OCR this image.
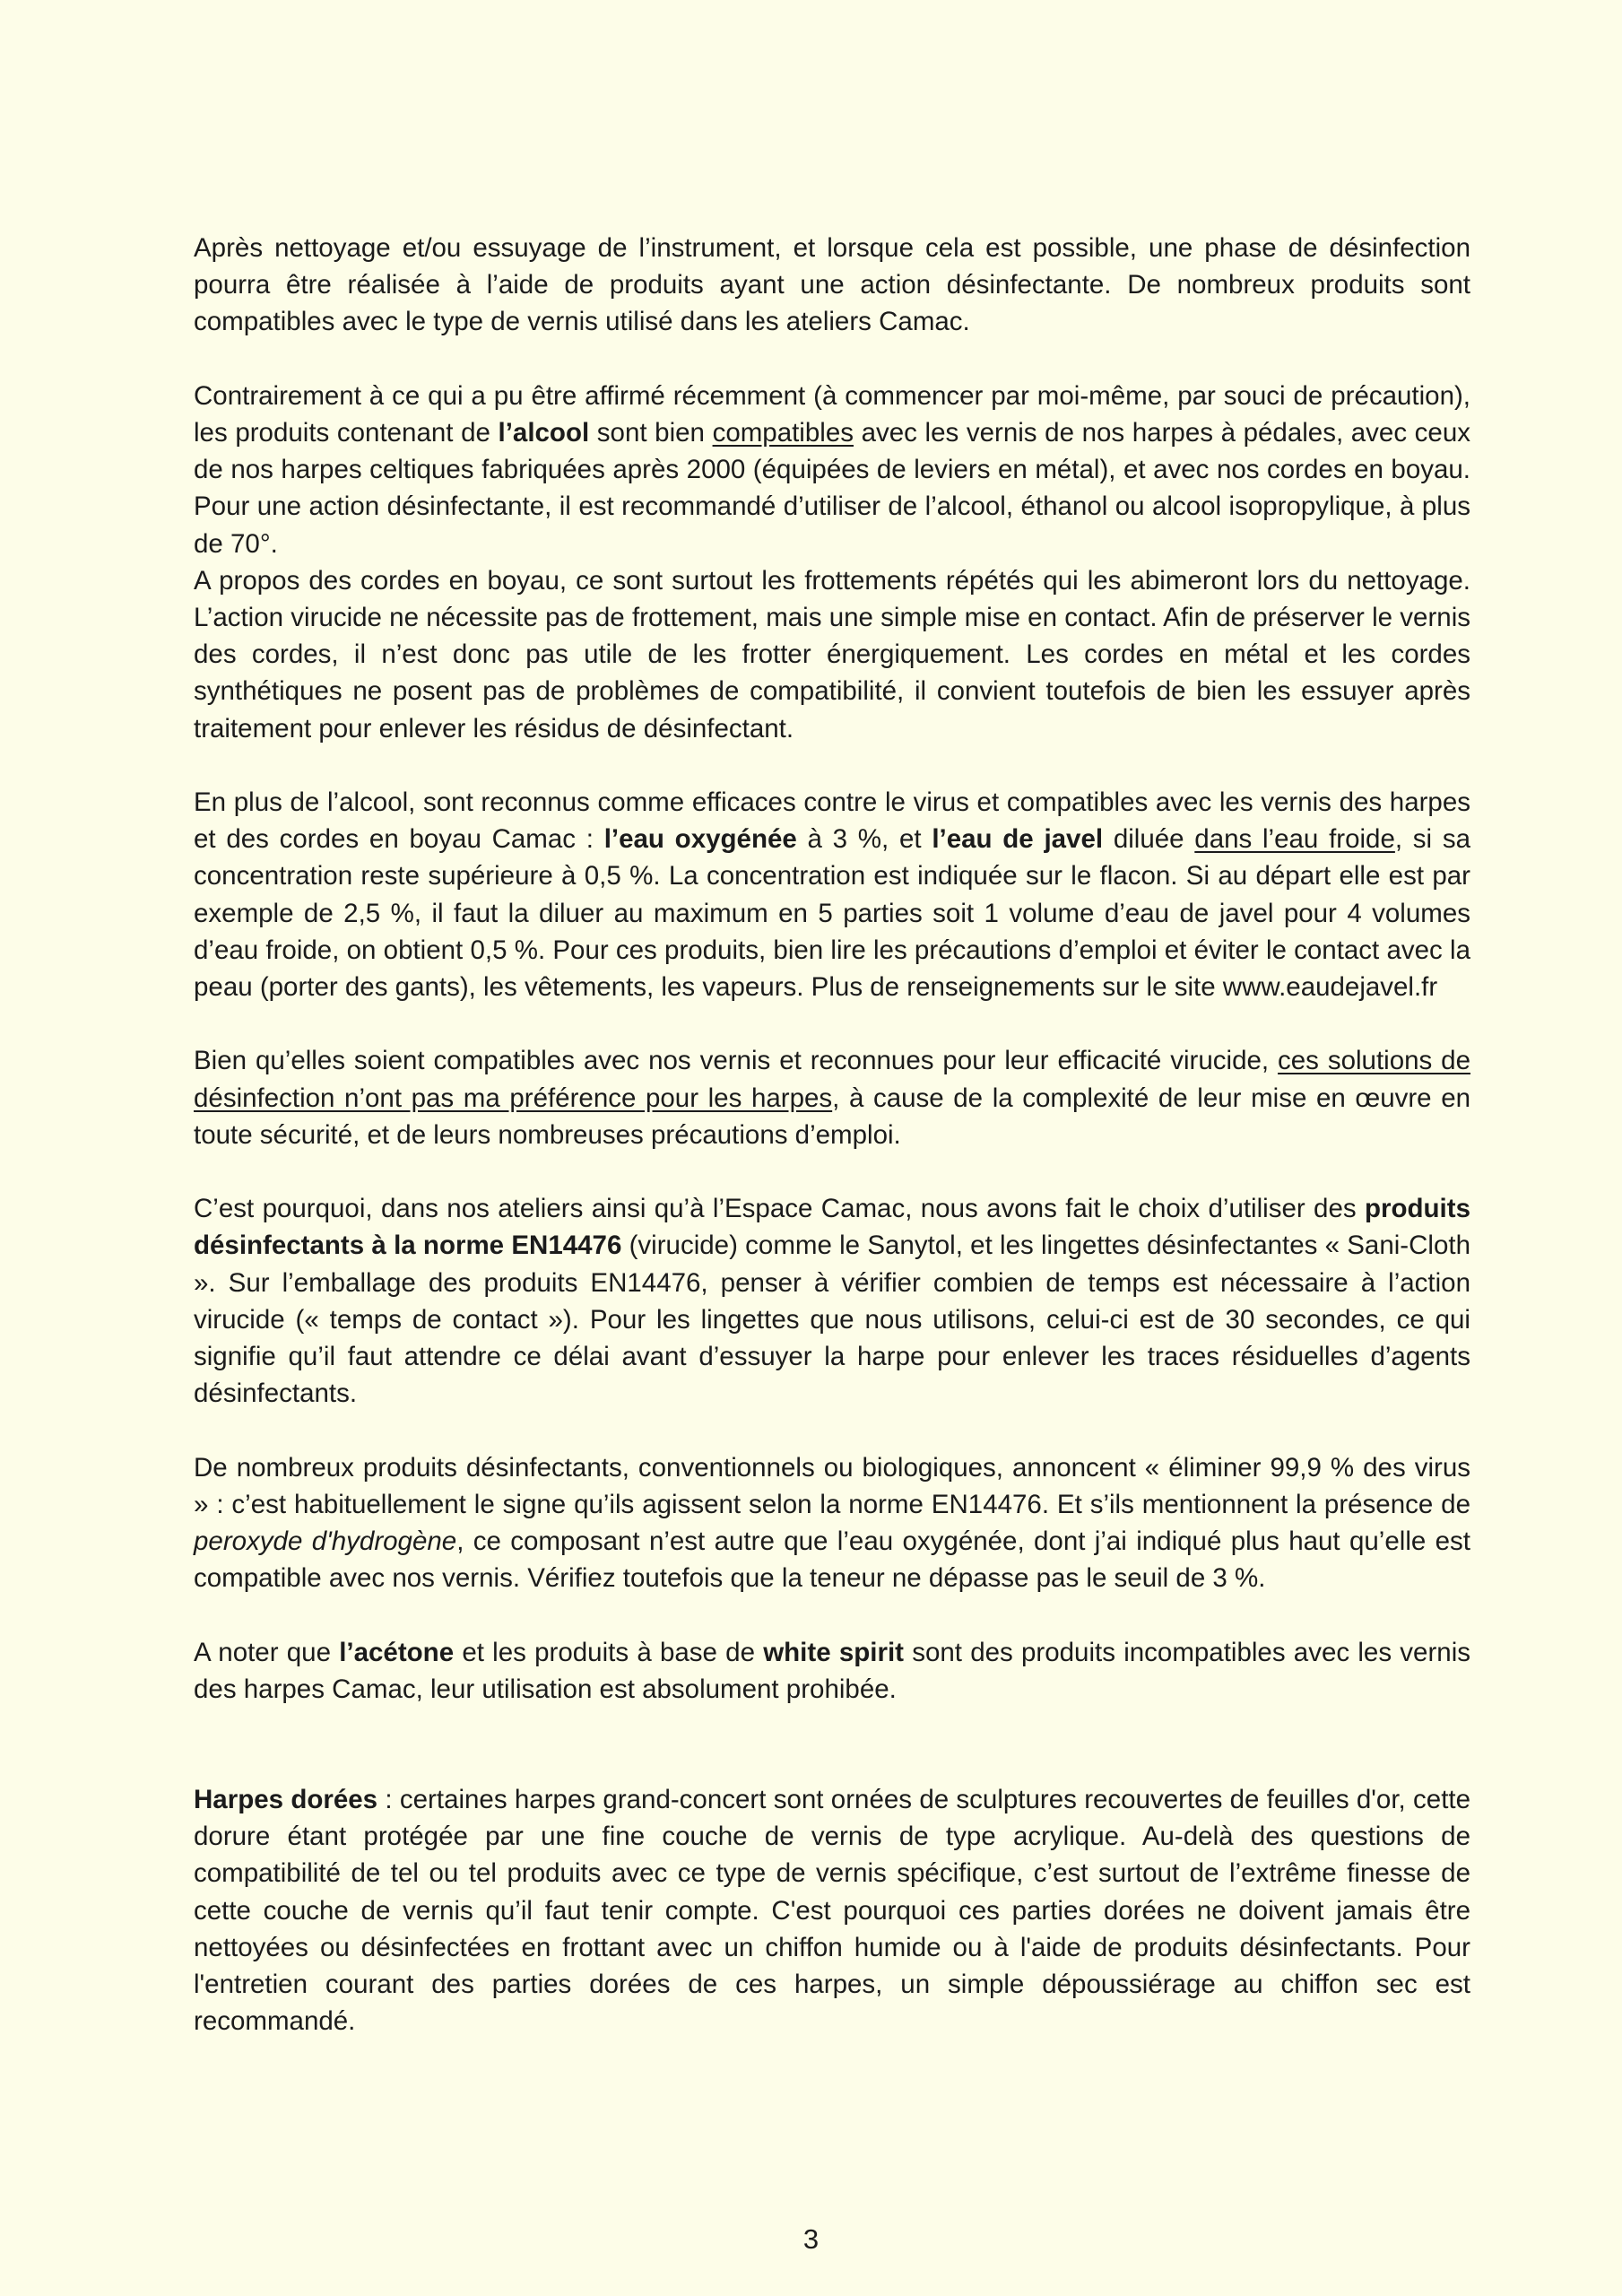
Après nettoyage et/ou essuyage de l’instrument, et lorsque cela est possible, une phase de désinfection pourra être réalisée à l’aide de produits ayant une action désinfectante. De nombreux produits sont compatibles avec le type de vernis utilisé dans les ateliers Camac.

Contrairement à ce qui a pu être affirmé récemment (à commencer par moi-même, par souci de précaution), les produits contenant de l’alcool sont bien compatibles avec les vernis de nos harpes à pédales, avec ceux de nos harpes celtiques fabriquées après 2000 (équipées de leviers en métal), et avec nos cordes en boyau. Pour une action désinfectante, il est recommandé d’utiliser de l’alcool, éthanol ou alcool isopropylique, à plus de 70°.

A propos des cordes en boyau, ce sont surtout les frottements répétés qui les abimeront lors du nettoyage. L’action virucide ne nécessite pas de frottement, mais une simple mise en contact. Afin de préserver le vernis des cordes, il n’est donc pas utile de les frotter énergiquement. Les cordes en métal et les cordes synthétiques ne posent pas de problèmes de compatibilité, il convient toutefois de bien les essuyer après traitement pour enlever les résidus de désinfectant.

En plus de l’alcool, sont reconnus comme efficaces contre le virus et compatibles avec les vernis des harpes et des cordes en boyau Camac : l’eau oxygénée à 3 %, et l’eau de javel diluée dans l’eau froide, si sa concentration reste supérieure à 0,5 %. La concentration est indiquée sur le flacon. Si au départ elle est par exemple de 2,5 %, il faut la diluer au maximum en 5 parties soit 1 volume d’eau de javel pour 4 volumes d’eau froide, on obtient 0,5 %. Pour ces produits, bien lire les précautions d’emploi et éviter le contact avec la peau (porter des gants), les vêtements, les vapeurs. Plus de renseignements sur le site www.eaudejavel.fr

Bien qu’elles soient compatibles avec nos vernis et reconnues pour leur efficacité virucide, ces solutions de désinfection n’ont pas ma préférence pour les harpes, à cause de la complexité de leur mise en œuvre en toute sécurité, et de leurs nombreuses précautions d’emploi.

C’est pourquoi, dans nos ateliers ainsi qu’à l’Espace Camac, nous avons fait le choix d’utiliser des produits désinfectants à la norme EN14476 (virucide) comme le Sanytol, et les lingettes désinfectantes « Sani-Cloth ». Sur l’emballage des produits EN14476, penser à vérifier combien de temps est nécessaire à l’action virucide (« temps de contact »). Pour les lingettes que nous utilisons, celui-ci est de 30 secondes, ce qui signifie qu’il faut attendre ce délai avant d’essuyer la harpe pour enlever les traces résiduelles d’agents désinfectants.

De nombreux produits désinfectants, conventionnels ou biologiques, annoncent « éliminer 99,9 % des virus » : c’est habituellement le signe qu’ils agissent selon la norme EN14476. Et s’ils mentionnent la présence de peroxyde d'hydrogène, ce composant n’est autre que l’eau oxygénée, dont j’ai indiqué plus haut qu’elle est compatible avec nos vernis. Vérifiez toutefois que la teneur ne dépasse pas le seuil de 3 %.

A noter que l’acétone et les produits à base de white spirit sont des produits incompatibles avec les vernis des harpes Camac, leur utilisation est absolument prohibée.

Harpes dorées : certaines harpes grand-concert sont ornées de sculptures recouvertes de feuilles d'or, cette dorure étant protégée par une fine couche de vernis de type acrylique. Au-delà des questions de compatibilité de tel ou tel produits avec ce type de vernis spécifique, c’est surtout de l’extrême finesse de cette couche de vernis qu’il faut tenir compte. C'est pourquoi ces parties dorées ne doivent jamais être nettoyées ou désinfectées en frottant avec un chiffon humide ou à l'aide de produits désinfectants. Pour l'entretien courant des parties dorées de ces harpes, un simple dépoussiérage au chiffon sec est recommandé.

3
